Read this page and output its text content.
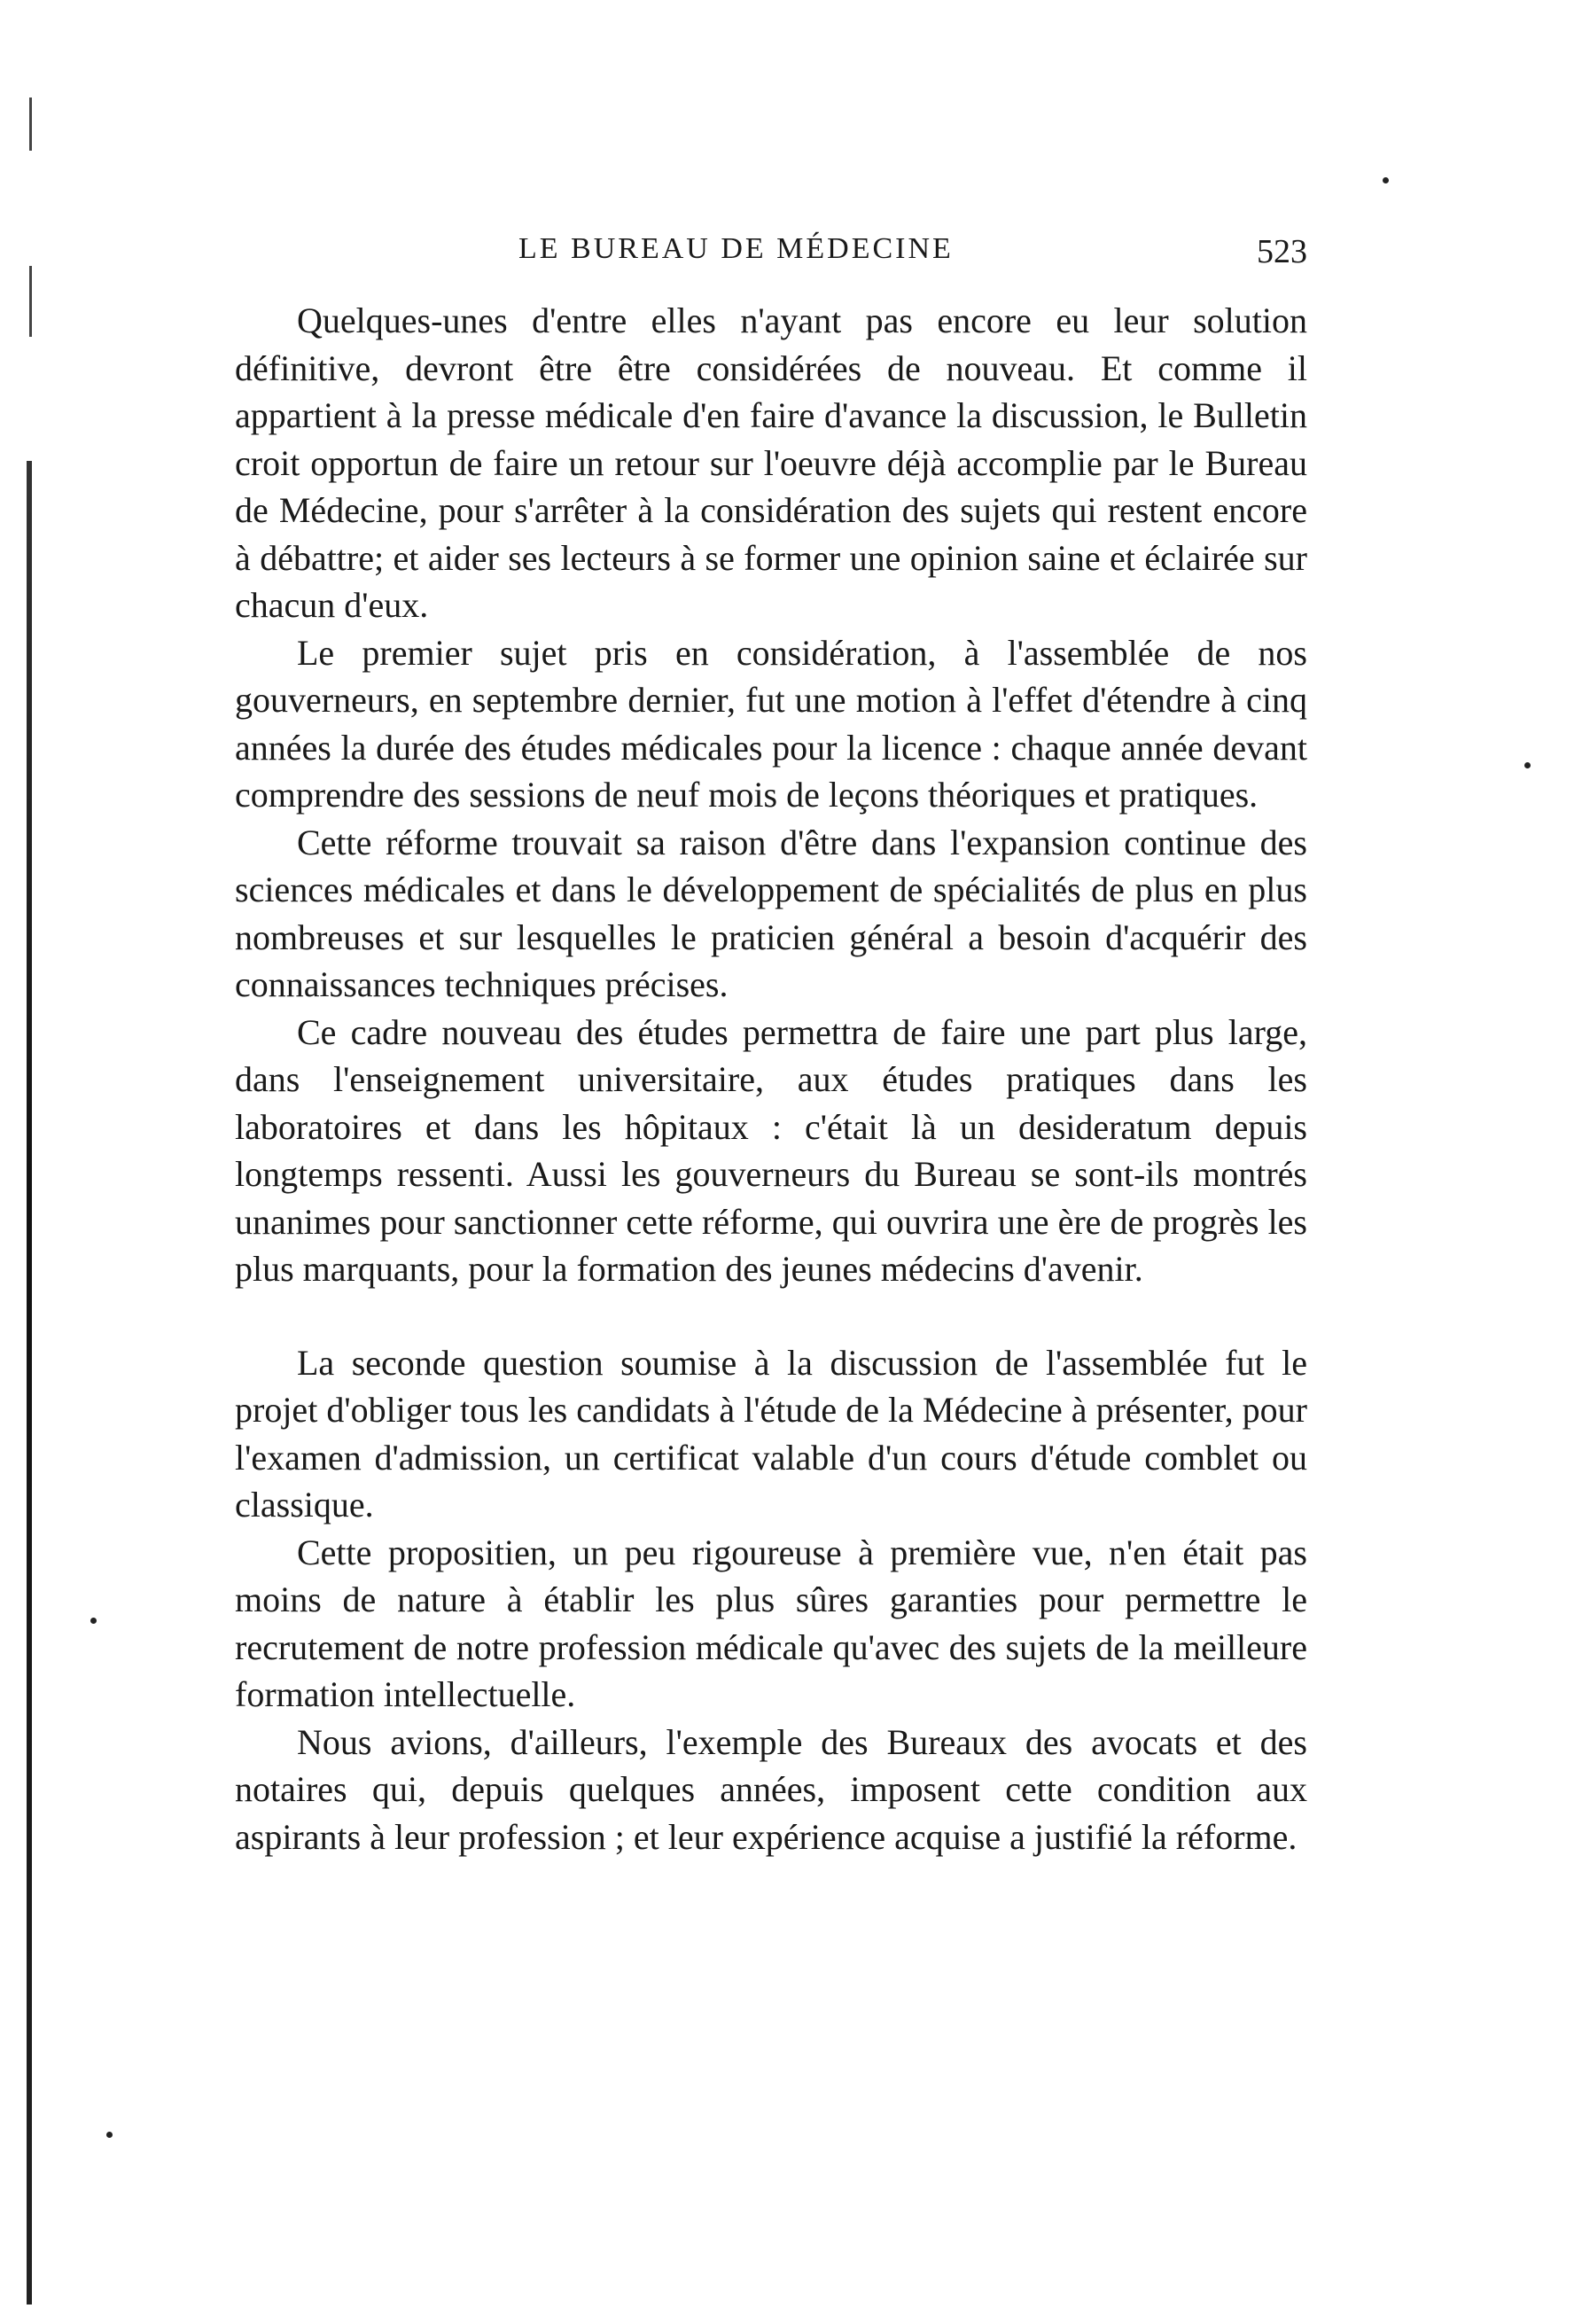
LE BUREAU DE MÉDECINE	523

Quelques-unes d'entre elles n'ayant pas encore eu leur solution définitive, devront être être considérées de nouveau. Et comme il appartient à la presse médicale d'en faire d'avance la discussion, le Bulletin croit opportun de faire un retour sur l'oeuvre déjà accomplie par le Bureau de Médecine, pour s'arrêter à la considération des sujets qui restent encore à débattre; et aider ses lecteurs à se former une opinion saine et éclairée sur chacun d'eux.

Le premier sujet pris en considération, à l'assemblée de nos gouverneurs, en septembre dernier, fut une motion à l'effet d'étendre à cinq années la durée des études médicales pour la licence : chaque année devant comprendre des sessions de neuf mois de leçons théoriques et pratiques.

Cette réforme trouvait sa raison d'être dans l'expansion continue des sciences médicales et dans le développement de spécialités de plus en plus nombreuses et sur lesquelles le praticien général a besoin d'acquérir des connaissances techniques précises.

Ce cadre nouveau des études permettra de faire une part plus large, dans l'enseignement universitaire, aux études pratiques dans les laboratoires et dans les hôpitaux : c'était là un desideratum depuis longtemps ressenti. Aussi les gouverneurs du Bureau se sont-ils montrés unanimes pour sanctionner cette réforme, qui ouvrira une ère de progrès les plus marquants, pour la formation des jeunes médecins d'avenir.

La seconde question soumise à la discussion de l'assemblée fut le projet d'obliger tous les candidats à l'étude de la Médecine à présenter, pour l'examen d'admission, un certificat valable d'un cours d'étude comblet ou classique.

Cette propositien, un peu rigoureuse à première vue, n'en était pas moins de nature à établir les plus sûres garanties pour permettre le recrutement de notre profession médicale qu'avec des sujets de la meilleure formation intellectuelle.

Nous avions, d'ailleurs, l'exemple des Bureaux des avocats et des notaires qui, depuis quelques années, imposent cette condition aux aspirants à leur profession ; et leur expérience acquise a justifié la réforme.
